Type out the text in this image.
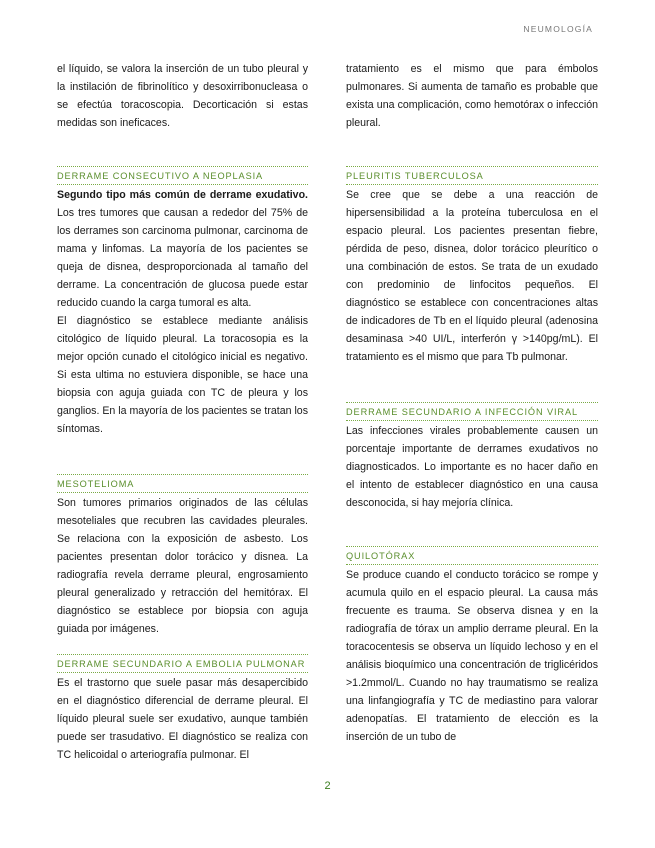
NEUMOLOGÍA

el líquido, se valora la inserción de un tubo pleural y la instilación de fibrinolítico y desoxirribonucleasa o se efectúa toracoscopia. Decorticación si estas medidas son ineficaces.

DERRAME CONSECUTIVO A NEOPLASIA

Segundo tipo más común de derrame exudativo. Los tres tumores que causan a rededor del 75% de los derrames son carcinoma pulmonar, carcinoma de mama y linfomas. La mayoría de los pacientes se queja de disnea, desproporcionada al tamaño del derrame. La concentración de glucosa puede estar reducido cuando la carga tumoral es alta.

El diagnóstico se establece mediante análisis citológico de líquido pleural. La toracosopia es la mejor opción cunado el citológico inicial es negativo. Si esta ultima no estuviera disponible, se hace una biopsia con aguja guiada con TC de pleura y los ganglios. En la mayoría de los pacientes se tratan los síntomas.

MESOTELIOMA

Son tumores primarios originados de las células mesoteliales que recubren las cavidades pleurales. Se relaciona con la exposición de asbesto. Los pacientes presentan dolor torácico y disnea. La radiografía revela derrame pleural, engrosamiento pleural generalizado y retracción del hemitórax. El diagnóstico se establece por biopsia con aguja guiada por imágenes.

DERRAME SECUNDARIO A EMBOLIA PULMONAR

Es el trastorno que suele pasar más desapercibido en el diagnóstico diferencial de derrame pleural. El líquido pleural suele ser exudativo, aunque también puede ser trasudativo. El diagnóstico se realiza con TC helicoidal o arteriografía pulmonar. El

tratamiento es el mismo que para émbolos pulmonares. Si aumenta de tamaño es probable que exista una complicación, como hemotórax o infección pleural.

PLEURITIS TUBERCULOSA

Se cree que se debe a una reacción de hipersensibilidad a la proteína tuberculosa en el espacio pleural. Los pacientes presentan fiebre, pérdida de peso, disnea, dolor torácico pleurítico o una combinación de estos. Se trata de un exudado con predominio de linfocitos pequeños. El diagnóstico se establece con concentraciones altas de indicadores de Tb en el líquido pleural (adenosina desaminasa >40 UI/L, interferón γ >140pg/mL). El tratamiento es el mismo que para Tb pulmonar.

DERRAME SECUNDARIO A INFECCIÓN VIRAL

Las infecciones virales probablemente causen un porcentaje importante de derrames exudativos no diagnosticados. Lo importante es no hacer daño en el intento de establecer diagnóstico en una causa desconocida, si hay mejoría clínica.

QUILOTÓRAX

Se produce cuando el conducto torácico se rompe y acumula quilo en el espacio pleural. La causa más frecuente es trauma. Se observa disnea y en la radiografía de tórax un amplio derrame pleural. En la toracocentesis se observa un líquido lechoso y en el análisis bioquímico una concentración de triglicéridos >1.2mmol/L. Cuando no hay traumatismo se realiza una linfangiografía y TC de mediastino para valorar adenopatías. El tratamiento de elección es la inserción de un tubo de

2
